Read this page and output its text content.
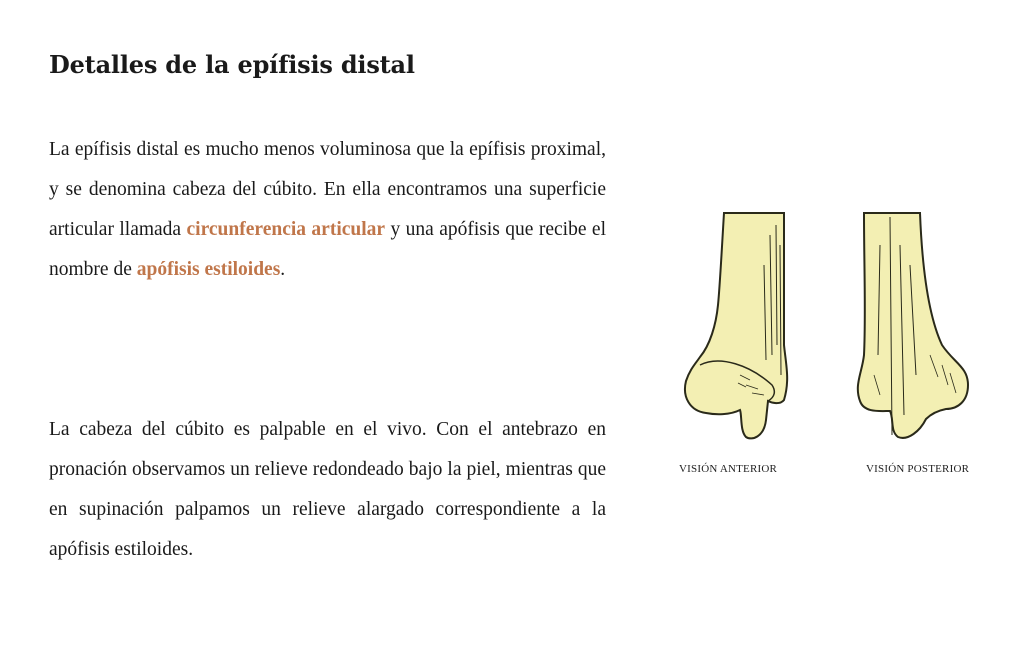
Detalles de la epífisis distal

La epífisis distal es mucho menos voluminosa que la epífisis proximal, y se denomina cabeza del cúbito. En ella encontramos una superficie articular llamada circunferencia articular y una apófisis que recibe el nombre de apófisis estiloides.

La cabeza del cúbito es palpable en el vivo. Con el antebrazo en pronación observamos un relieve redondeado bajo la piel, mientras que en supinación palpamos un relieve alargado correspondiente a la apófisis estiloides.

VISIÓN ANTERIOR	VISIÓN POSTERIOR
